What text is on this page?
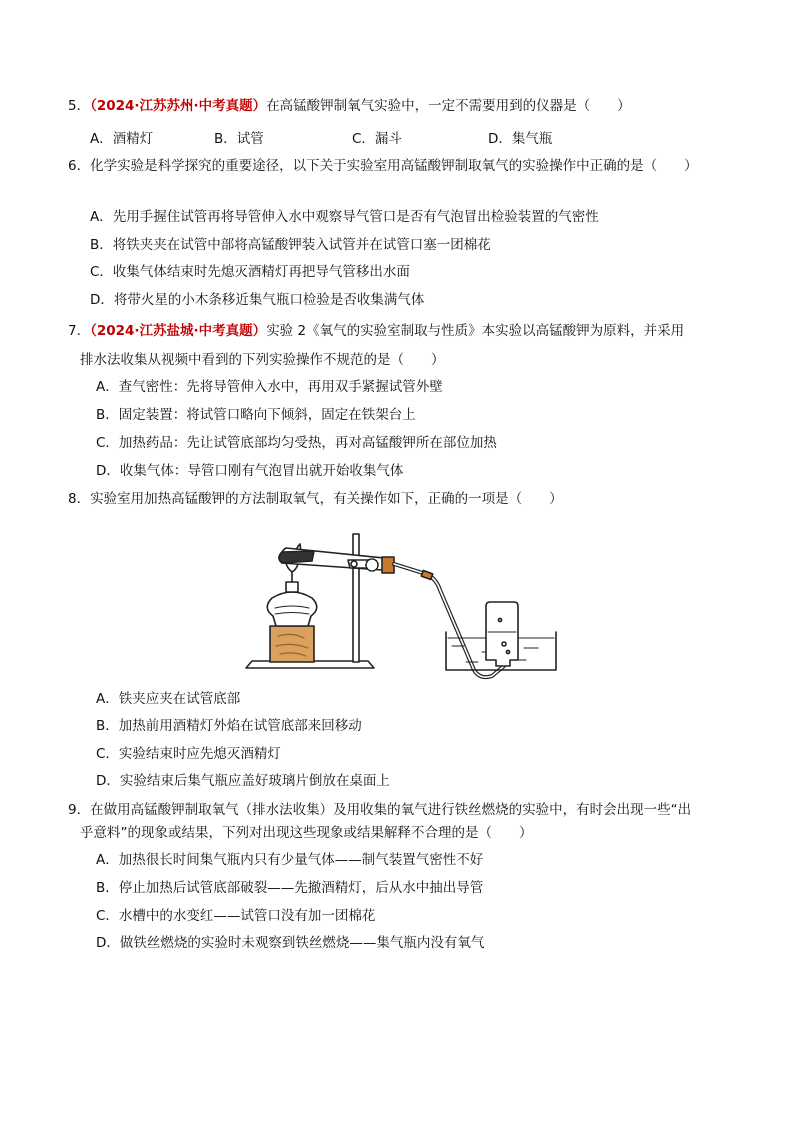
5．（2024·江苏苏州·中考真题）在高锰酸钾制氧气实验中，一定不需要用到的仪器是（　　）
A．酒精灯	B．试管	C．漏斗	D．集气瓶
6．化学实验是科学探究的重要途径，以下关于实验室用高锰酸钾制取氧气的实验操作中正确的是（　　）
A．先用手握住试管再将导管伸入水中观察导气管口是否有气泡冒出检验装置的气密性
B．将铁夹夹在试管中部将高锰酸钾装入试管并在试管口塞一团棉花
C．收集气体结束时先熄灭酒精灯再把导气管移出水面
D．将带火星的小木条移近集气瓶口检验是否收集满气体
7．（2024·江苏盐城·中考真题）实验 2《氧气的实验室制取与性质》本实验以高锰酸钾为原料，并采用
排水法收集从视频中看到的下列实验操作不规范的是（　　）
A．查气密性：先将导管伸入水中，再用双手紧握试管外壁
B．固定装置：将试管口略向下倾斜，固定在铁架台上
C．加热药品：先让试管底部均匀受热，再对高锰酸钾所在部位加热
D．收集气体：导管口刚有气泡冒出就开始收集气体
8．实验室用加热高锰酸钾的方法制取氧气，有关操作如下，正确的一项是（　　）
A．铁夹应夹在试管底部
B．加热前用酒精灯外焰在试管底部来回移动
C．实验结束时应先熄灭酒精灯
D．实验结束后集气瓶应盖好玻璃片倒放在桌面上
9．在做用高锰酸钾制取氧气（排水法收集）及用收集的氧气进行铁丝燃烧的实验中，有时会出现一些“出
乎意料”的现象或结果，下列对出现这些现象或结果解释不合理的是（　　）
A．加热很长时间集气瓶内只有少量气体——制气装置气密性不好
B．停止加热后试管底部破裂——先撤酒精灯，后从水中抽出导管
C．水槽中的水变红——试管口没有加一团棉花
D．做铁丝燃烧的实验时未观察到铁丝燃烧——集气瓶内没有氧气
